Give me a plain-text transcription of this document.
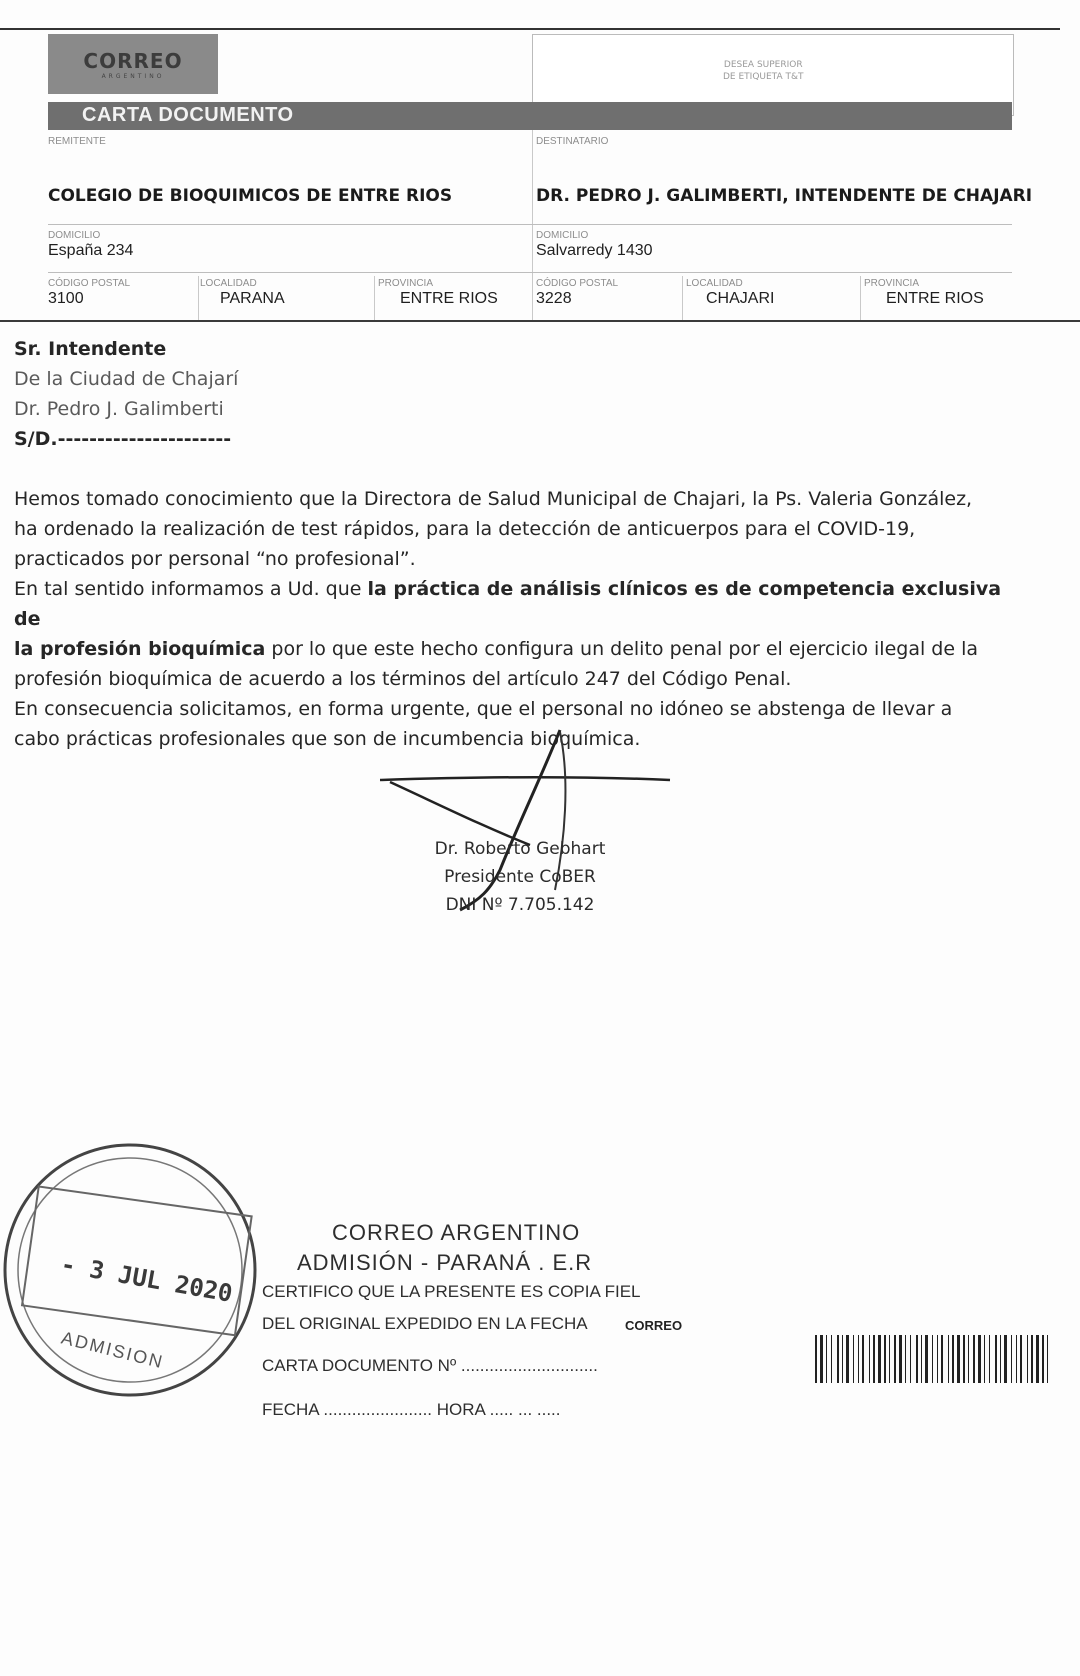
CORREO
ARGENTINO
DESEA SUPERIOR
DE ETIQUETA T&T
CARTA DOCUMENTO
REMITENTE
COLEGIO DE BIOQUIMICOS DE ENTRE RIOS
DOMICILIO
España 234
CÓDIGO POSTAL
3100
LOCALIDAD
PARANA
PROVINCIA
ENTRE RIOS
DESTINATARIO
DR. PEDRO J. GALIMBERTI, INTENDENTE DE CHAJARI
DOMICILIO
Salvarredy 1430
CÓDIGO POSTAL
3228
LOCALIDAD
CHAJARI
PROVINCIA
ENTRE RIOS
Sr. Intendente
De la Ciudad de Chajarí
Dr. Pedro J. Galimberti
S/D.----------------------
Hemos tomado conocimiento que la Directora de Salud Municipal de Chajari, la Ps. Valeria González,
ha ordenado la realización de test rápidos, para la detección de anticuerpos para el COVID-19,
practicados por personal “no profesional”.
En tal sentido informamos a Ud. que la práctica de análisis clínicos es de competencia exclusiva de
la profesión bioquímica por lo que este hecho configura un delito penal por el ejercicio ilegal de la
profesión bioquímica de acuerdo a los términos del artículo 247 del Código Penal.
En consecuencia solicitamos, en forma urgente, que el personal no idóneo se abstenga de llevar a
cabo prácticas profesionales que son de incumbencia bioquímica.
Dr. Roberto Gebhart
Presidente CoBER
DNI Nº 7.705.142
- 3 JUL 2020
ADMISION
CORREO ARGENTINO
ADMISIÓN - PARANÁ . E.R
CERTIFICO QUE LA PRESENTE ES COPIA FIEL
DEL ORIGINAL EXPEDIDO EN LA FECHA
CARTA DOCUMENTO Nº .............................
FECHA ....................... HORA ..... ... .....
CORREO
